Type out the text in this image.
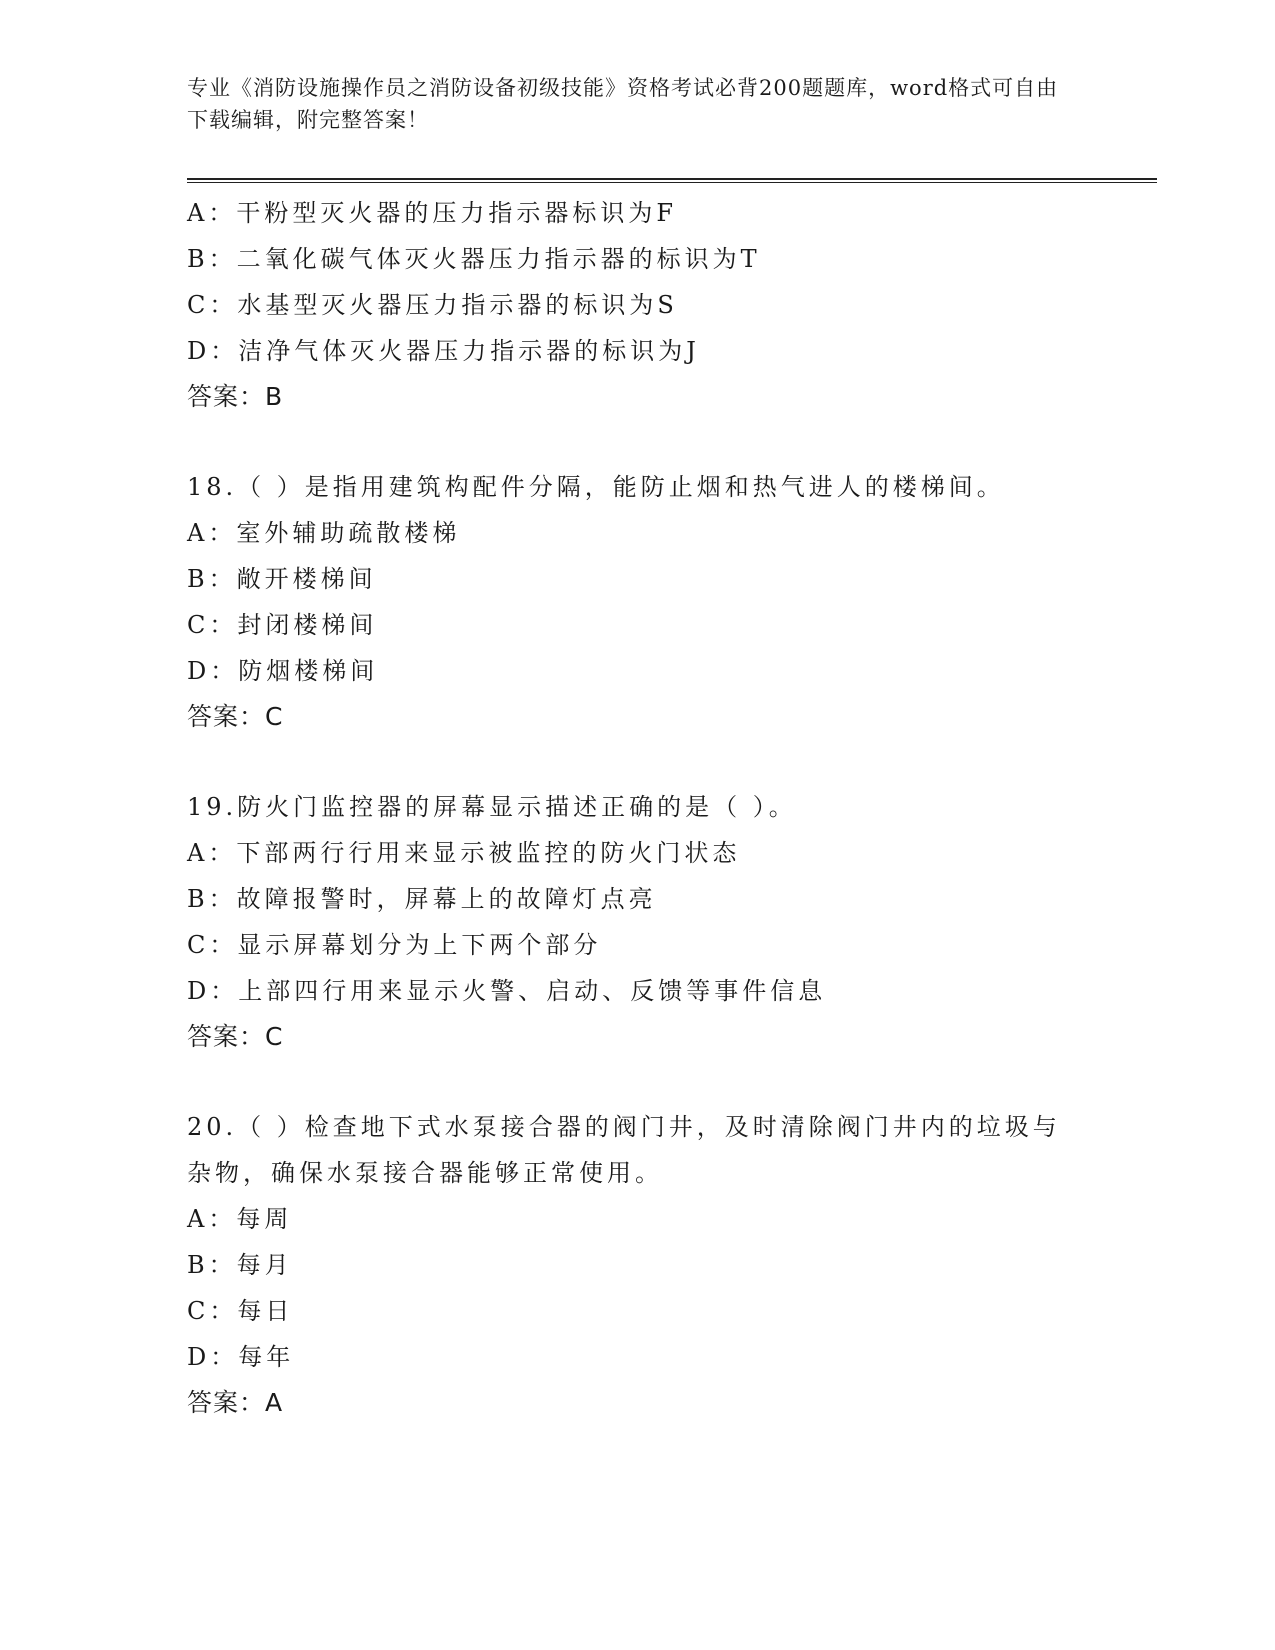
专业《消防设施操作员之消防设备初级技能》资格考试必背200题题库，word格式可自由下载编辑，附完整答案！
A：干粉型灭火器的压力指示器标识为F
B：二氧化碳气体灭火器压力指示器的标识为T
C：水基型灭火器压力指示器的标识为S
D：洁净气体灭火器压力指示器的标识为J
答案：B
18.（ ）是指用建筑构配件分隔，能防止烟和热气进人的楼梯间。
A：室外辅助疏散楼梯
B：敞开楼梯间
C：封闭楼梯间
D：防烟楼梯间
答案：C
19.防火门监控器的屏幕显示描述正确的是（ ）。
A：下部两行行用来显示被监控的防火门状态
B：故障报警时，屏幕上的故障灯点亮
C：显示屏幕划分为上下两个部分
D：上部四行用来显示火警、启动、反馈等事件信息
答案：C
20.（ ）检查地下式水泵接合器的阀门井，及时清除阀门井内的垃圾与杂物，确保水泵接合器能够正常使用。
A：每周
B：每月
C：每日
D：每年
答案：A
